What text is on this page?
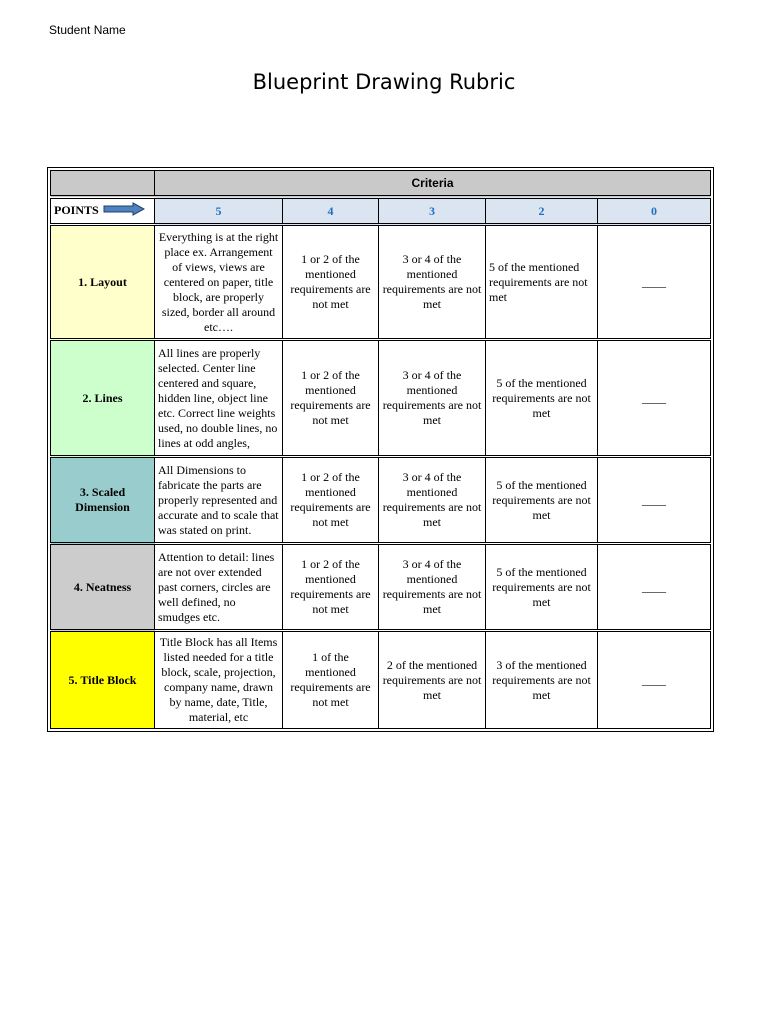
Student Name
Blueprint Drawing Rubric
	Criteria				
POINTS	5	4	3	2	0
1. Layout	Everything is at the right place ex. Arrangement of views, views are centered on paper, title block, are properly sized, border all around etc….	1 or 2 of the mentioned requirements are not met	3 or 4 of the mentioned requirements are not met	5 of the mentioned requirements are not met	____
2. Lines	All lines are properly selected. Center line centered and square, hidden line, object line etc. Correct line weights used, no double lines, no lines at odd angles,	1 or 2 of the mentioned requirements are not met	3 or 4 of the mentioned requirements are not met	5 of the mentioned requirements are not met	____
3. Scaled Dimension	All Dimensions to fabricate the parts are properly represented and accurate and to scale that was stated on print.	1 or 2 of the mentioned requirements are not met	3 or 4 of the mentioned requirements are not met	5 of the mentioned requirements are not met	____
4. Neatness	Attention to detail: lines are not over extended past corners, circles are well defined, no smudges etc.	1 or 2 of the mentioned requirements are not met	3 or 4 of the mentioned requirements are not met	5 of the mentioned requirements are not met	____
5. Title Block	Title Block has all Items listed needed for a title block, scale, projection, company name, drawn by name, date, Title, material, etc	1 of the mentioned requirements are not met	2 of the mentioned requirements are not met	3 of the mentioned requirements are not met	____
